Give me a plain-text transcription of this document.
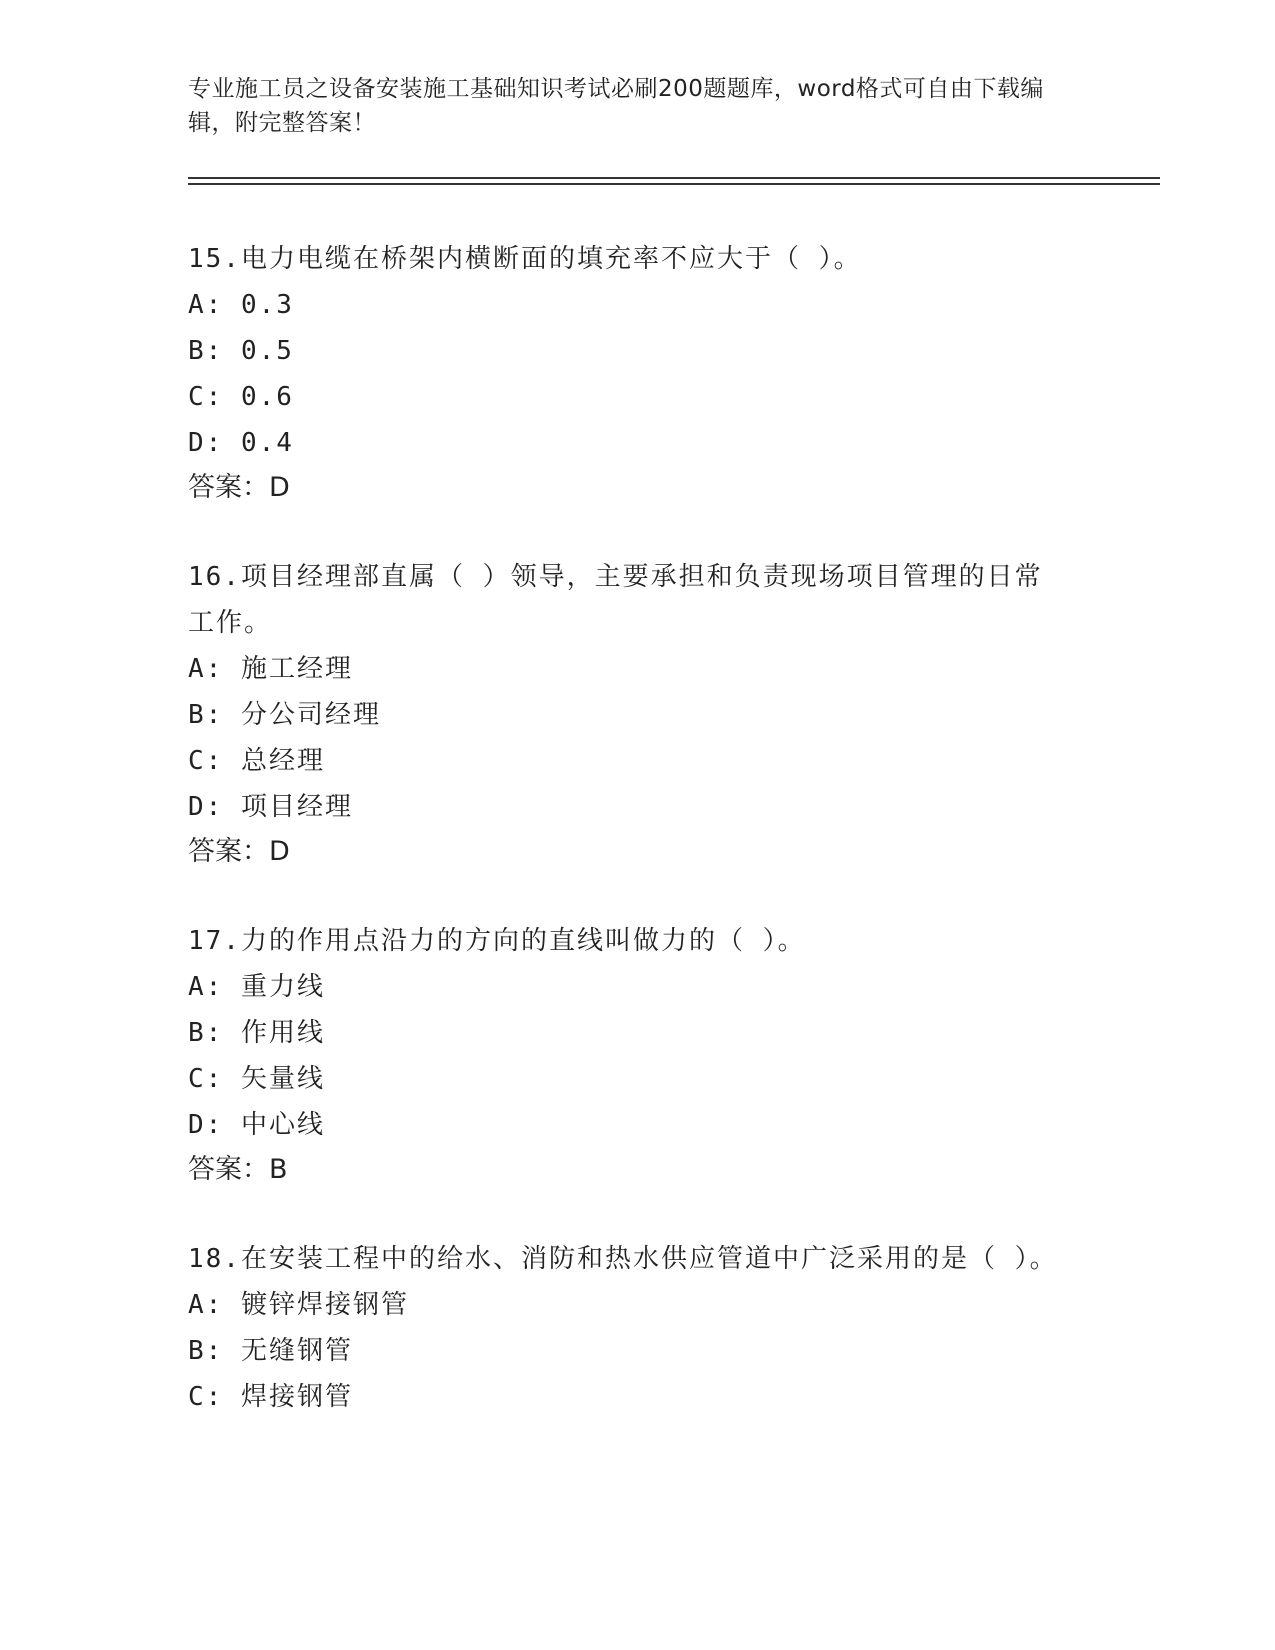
专业施工员之设备安装施工基础知识考试必刷200题题库，word格式可自由下载编辑，附完整答案！

15.电力电缆在桥架内横断面的填充率不应大于（ ）。

A: 0.3

B: 0.5

C: 0.6

D: 0.4

答案：D

16.项目经理部直属（ ）领导，主要承担和负责现场项目管理的日常工作。

A: 施工经理

B: 分公司经理

C: 总经理

D: 项目经理

答案：D

17.力的作用点沿力的方向的直线叫做力的（ ）。

A: 重力线

B: 作用线

C: 矢量线

D: 中心线

答案：B

18.在安装工程中的给水、消防和热水供应管道中广泛采用的是（ ）。

A: 镀锌焊接钢管

B: 无缝钢管

C: 焊接钢管
